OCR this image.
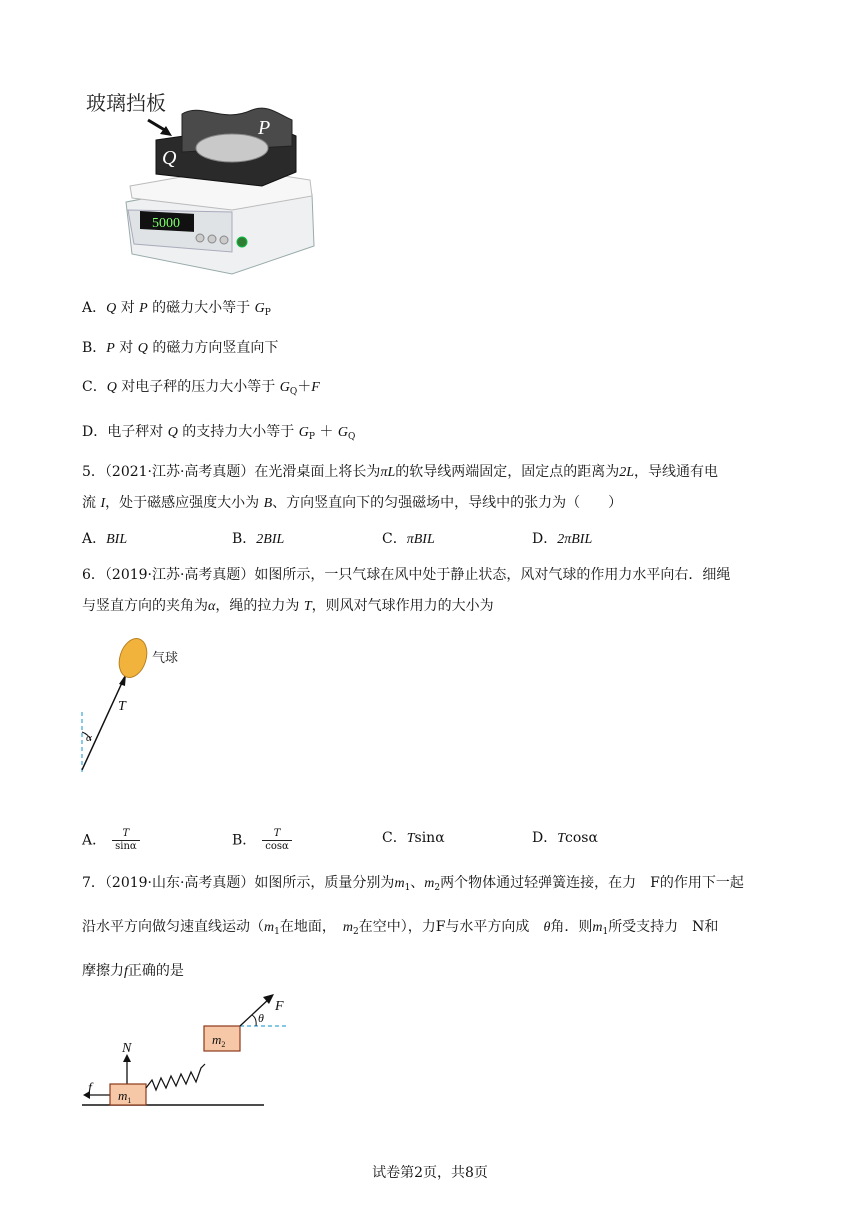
玻璃挡板
5000
P
Q
A．Q 对 P 的磁力大小等于 $G_P$
B．P 对 Q 的磁力方向竖直向下
C．Q 对电子秤的压力大小等于 $G_Q+F$
D．电子秤对 Q 的支持力大小等于 $G_P + G_Q$
5．（2021·江苏·高考真题）在光滑桌面上将长为πL的软导线两端固定，固定点的距离为2L，导线通有电
流 I，处于磁感应强度大小为 B、方向竖直向下的匀强磁场中，导线中的张力为（　　）
A．BIL	B．2BIL	C．πBIL	D．2πBIL
6．（2019·江苏·高考真题）如图所示，一只气球在风中处于静止状态，风对气球的作用力水平向右．细绳
与竖直方向的夹角为α，绳的拉力为 T，则风对气球作用力的大小为
气球
T
α
A． $\frac{T}{\sin\alpha}$	B． $\frac{T}{\cos\alpha}$	C．Tsinα	D．Tcosα
7．（2019·山东·高考真题）如图所示，质量分别为$m_1$、$m_2$两个物体通过轻弹簧连接，在力　F的作用下一起
沿水平方向做匀速直线运动（$m_1$在地面，　$m_2$在空中），力F与水平方向成　θ角．则$m_1$所受支持力　N和
摩擦力f正确的是
f
N
$m_1$
$m_2$
F
θ
试卷第2页，共8页
